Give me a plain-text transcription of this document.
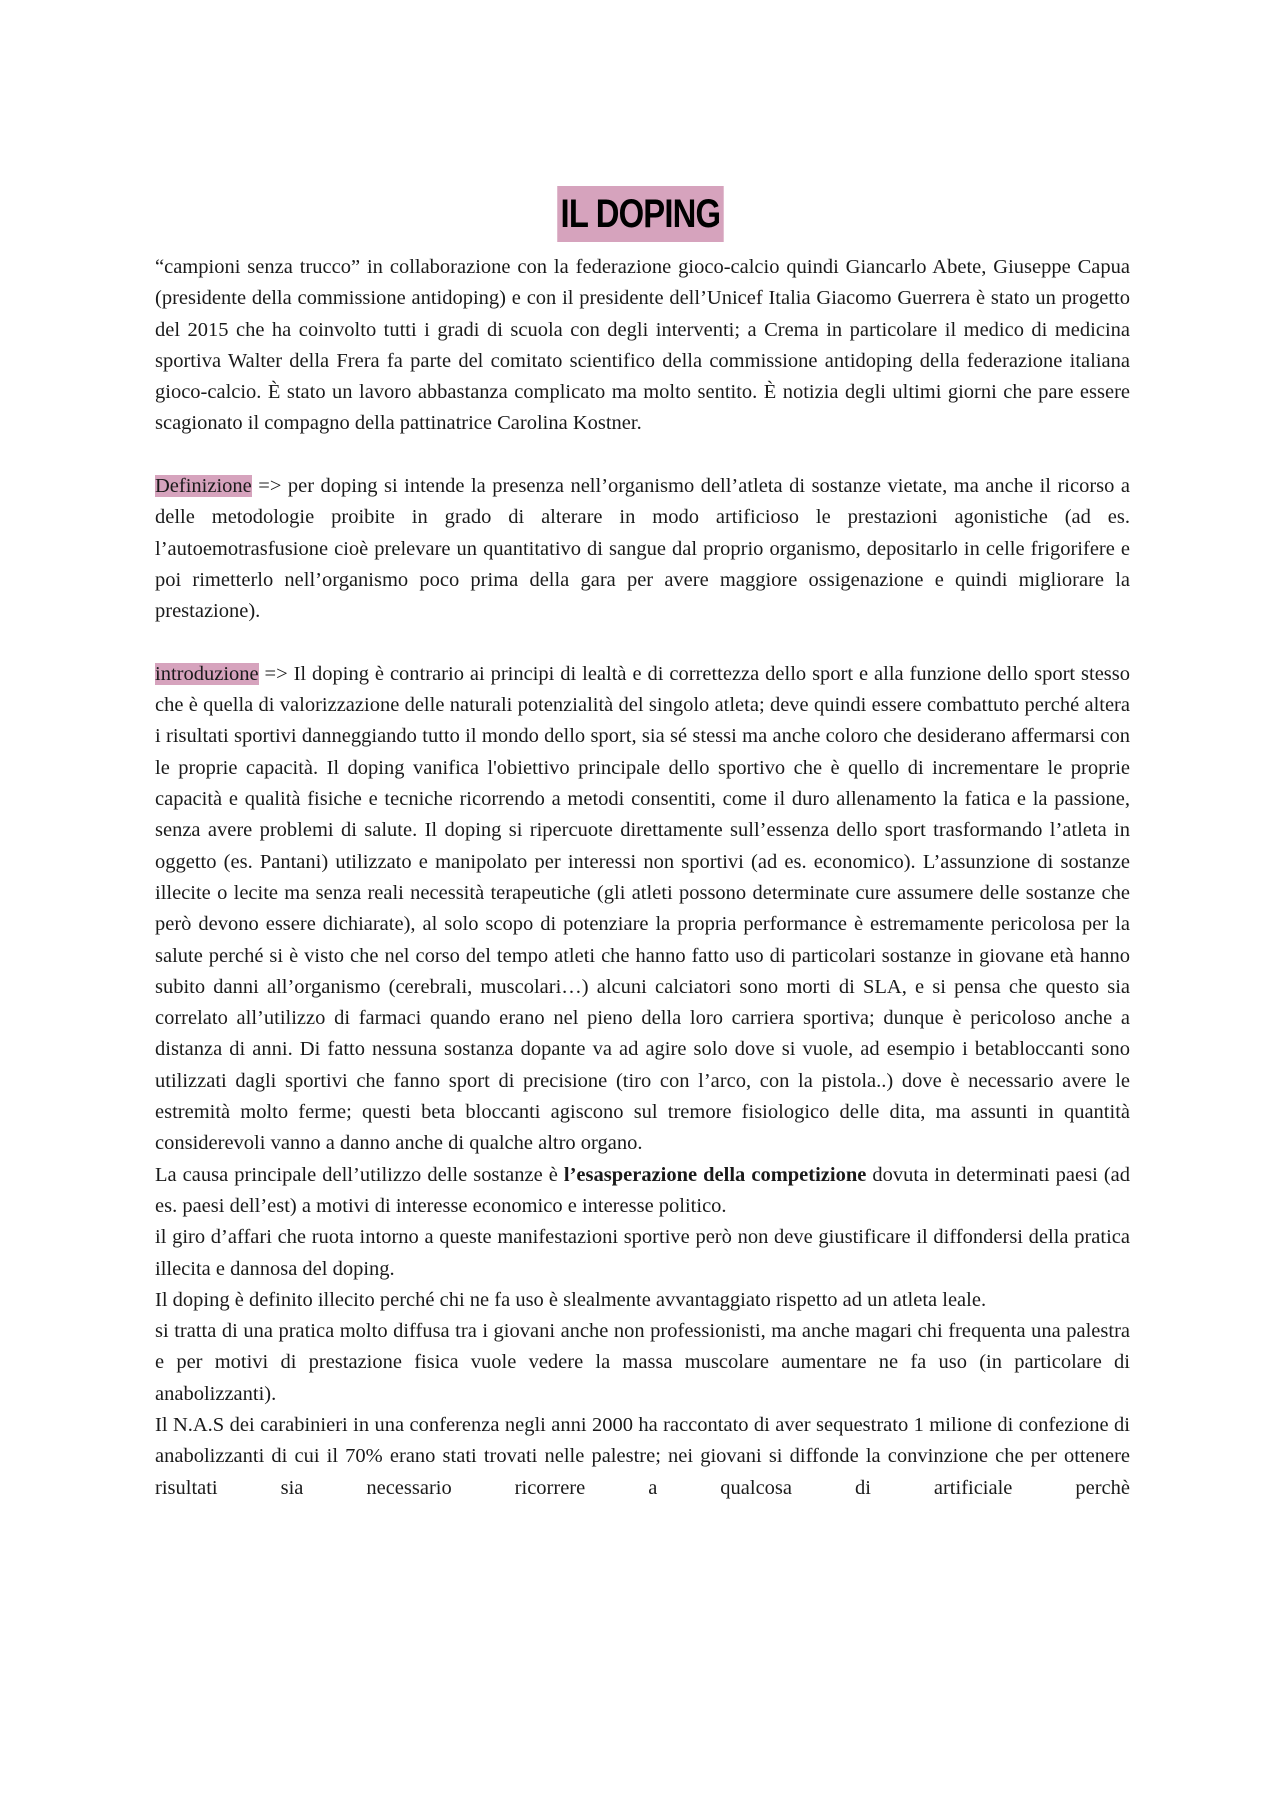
IL DOPING

“campioni senza trucco” in collaborazione con la federazione gioco-calcio quindi Giancarlo Abete, Giuseppe Capua (presidente della commissione antidoping) e con il presidente dell’Unicef Italia Giacomo Guerrera è stato un progetto del 2015 che ha coinvolto tutti i gradi di scuola con degli interventi; a Crema in particolare il medico di medicina sportiva Walter della Frera fa parte del comitato scientifico della commissione antidoping della federazione italiana gioco-calcio. È stato un lavoro abbastanza complicato ma molto sentito. È notizia degli ultimi giorni che pare essere scagionato il compagno della pattinatrice Carolina Kostner.

Definizione => per doping si intende la presenza nell’organismo dell’atleta di sostanze vietate, ma anche il ricorso a delle metodologie proibite in grado di alterare in modo artificioso le prestazioni agonistiche (ad es. l’autoemotrasfusione cioè prelevare un quantitativo di sangue dal proprio organismo, depositarlo in celle frigorifere e poi rimetterlo nell’organismo poco prima della gara per avere maggiore ossigenazione e quindi migliorare la prestazione).

introduzione => Il doping è contrario ai principi di lealtà e di correttezza dello sport e alla funzione dello sport stesso che è quella di valorizzazione delle naturali potenzialità del singolo atleta; deve quindi essere combattuto perché altera i risultati sportivi danneggiando tutto il mondo dello sport, sia sé stessi ma anche coloro che desiderano affermarsi con le proprie capacità. Il doping vanifica l'obiettivo principale dello sportivo che è quello di incrementare le proprie capacità e qualità fisiche e tecniche ricorrendo a metodi consentiti, come il duro allenamento la fatica e la passione, senza avere problemi di salute. Il doping si ripercuote direttamente sull’essenza dello sport trasformando l’atleta in oggetto (es. Pantani) utilizzato e manipolato per interessi non sportivi (ad es. economico). L’assunzione di sostanze illecite o lecite ma senza reali necessità terapeutiche (gli atleti possono determinate cure assumere delle sostanze che però devono essere dichiarate), al solo scopo di potenziare la propria performance è estremamente pericolosa per la salute perché si è visto che nel corso del tempo atleti che hanno fatto uso di particolari sostanze in giovane età hanno subito danni all’organismo (cerebrali, muscolari…) alcuni calciatori sono morti di SLA, e si pensa che questo sia correlato all’utilizzo di farmaci quando erano nel pieno della loro carriera sportiva; dunque è pericoloso anche a distanza di anni. Di fatto nessuna sostanza dopante va ad agire solo dove si vuole, ad esempio i betabloccanti sono utilizzati dagli sportivi che fanno sport di precisione (tiro con l’arco, con la pistola..) dove è necessario avere le estremità molto ferme; questi beta bloccanti agiscono sul tremore fisiologico delle dita, ma assunti in quantità considerevoli vanno a danno anche di qualche altro organo.

La causa principale dell’utilizzo delle sostanze è l’esasperazione della competizione dovuta in determinati paesi (ad es. paesi dell’est) a motivi di interesse economico e interesse politico.

il giro d’affari che ruota intorno a queste manifestazioni sportive però non deve giustificare il diffondersi della pratica illecita e dannosa del doping.

Il doping è definito illecito perché chi ne fa uso è slealmente avvantaggiato rispetto ad un atleta leale.

si tratta di una pratica molto diffusa tra i giovani anche non professionisti, ma anche magari chi frequenta una palestra e per motivi di prestazione fisica vuole vedere la massa muscolare aumentare ne fa uso (in particolare di anabolizzanti).

Il N.A.S dei carabinieri in una conferenza negli anni 2000 ha raccontato di aver sequestrato 1 milione di confezione di anabolizzanti di cui il 70% erano stati trovati nelle palestre; nei giovani si diffonde la convinzione che per ottenere risultati sia necessario ricorrere a qualcosa di artificiale perchè
